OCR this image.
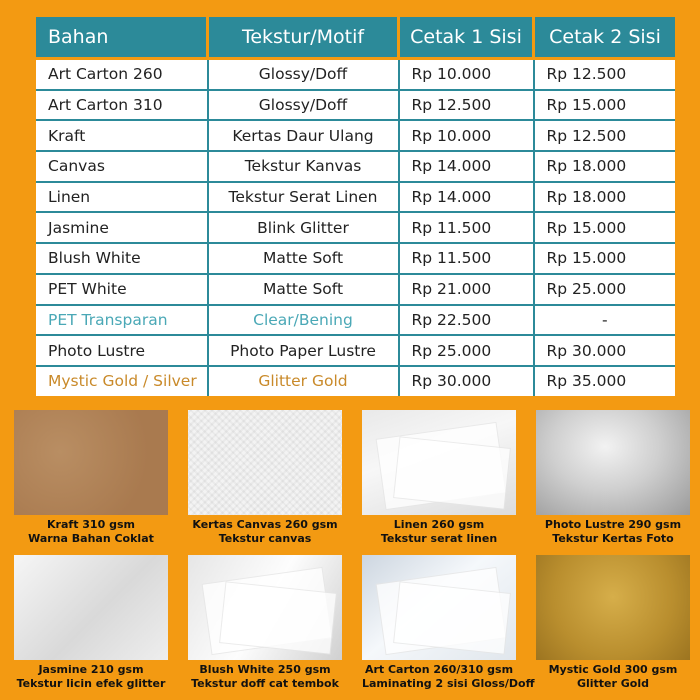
Bahan	Tekstur/Motif	Cetak 1 Sisi	Cetak 2 Sisi
Art Carton 260	Glossy/Doff	Rp 10.000	Rp 12.500
Art Carton 310	Glossy/Doff	Rp 12.500	Rp 15.000
Kraft	Kertas Daur Ulang	Rp 10.000	Rp 12.500
Canvas	Tekstur Kanvas	Rp 14.000	Rp 18.000
Linen	Tekstur Serat Linen	Rp 14.000	Rp 18.000
Jasmine	Blink Glitter	Rp 11.500	Rp 15.000
Blush White	Matte Soft	Rp 11.500	Rp 15.000
PET White	Matte Soft	Rp 21.000	Rp 25.000
PET Transparan	Clear/Bening	Rp 22.500	-
Photo Lustre	Photo Paper Lustre	Rp 25.000	Rp 30.000
Mystic Gold / Silver	Glitter Gold	Rp 30.000	Rp 35.000
Kraft 310 gsm
Warna Bahan Coklat
Kertas Canvas 260 gsm
Tekstur canvas
Linen 260 gsm
Tekstur serat linen
Photo Lustre 290 gsm
Tekstur Kertas Foto
Jasmine 210 gsm
Tekstur licin efek glitter
Blush White 250 gsm
Tekstur doff cat tembok
Art Carton 260/310 gsm
Laminating 2 sisi Gloss/Doff
Mystic Gold 300 gsm
Glitter Gold
